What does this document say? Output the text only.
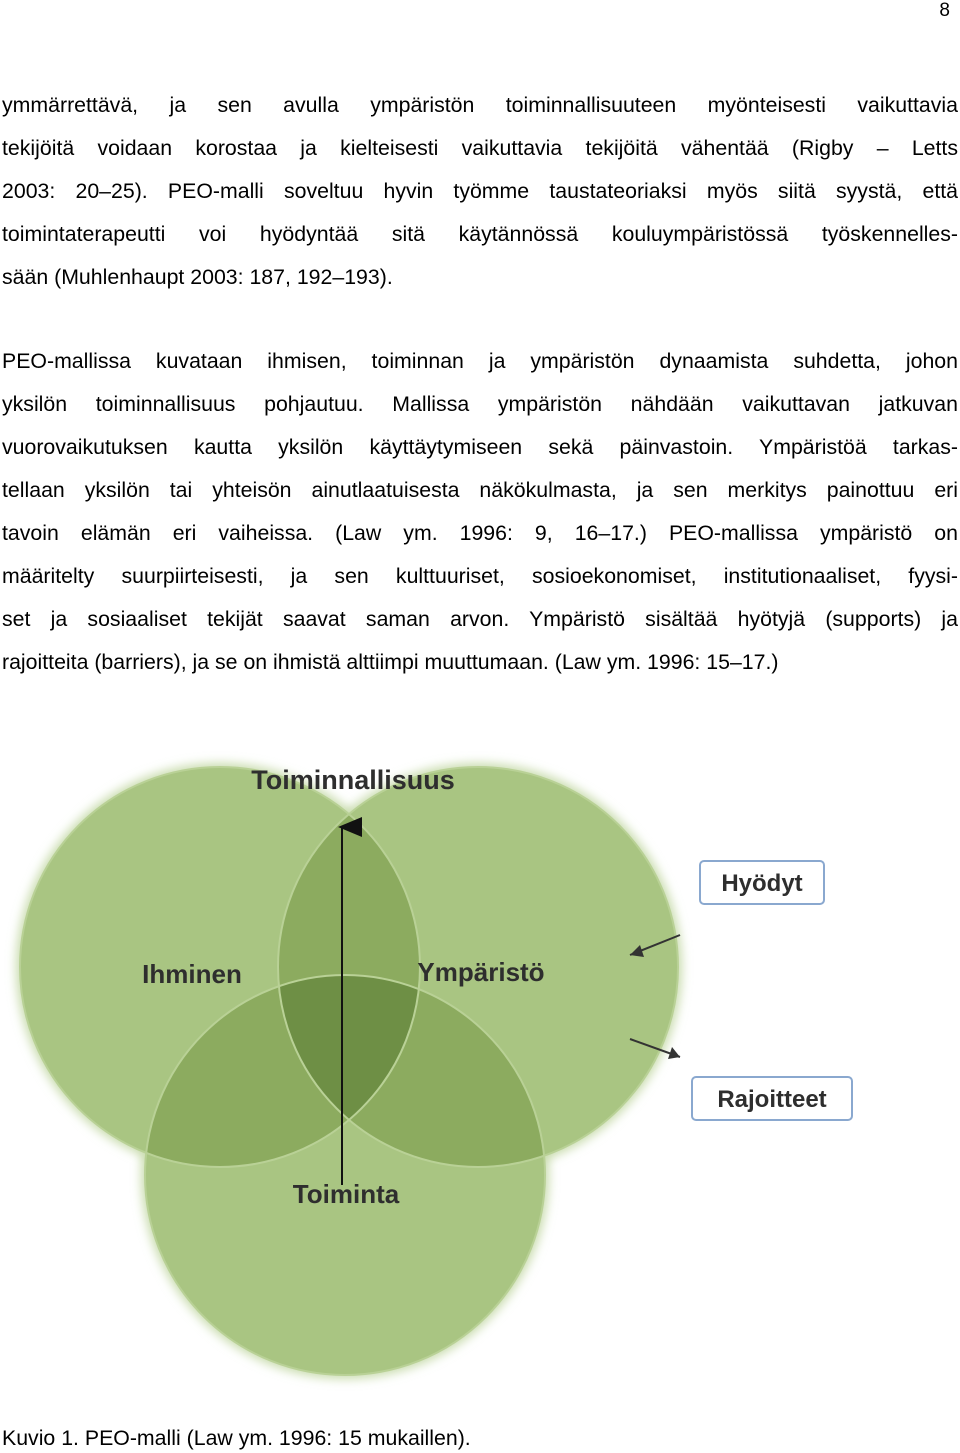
8
ymmärrettävä, ja sen avulla ympäristön toiminnallisuuteen myönteisesti vaikuttavia
tekijöitä voidaan korostaa ja kielteisesti vaikuttavia tekijöitä vähentää (Rigby – Letts
2003: 20–25). PEO-malli soveltuu hyvin työmme taustateoriaksi myös siitä syystä, että
toimintaterapeutti voi hyödyntää sitä käytännössä kouluympäristössä työskennelles-
sään (Muhlenhaupt 2003: 187, 192–193).
PEO-mallissa kuvataan ihmisen, toiminnan ja ympäristön dynaamista suhdetta, johon
yksilön toiminnallisuus pohjautuu. Mallissa ympäristön nähdään vaikuttavan jatkuvan
vuorovaikutuksen kautta yksilön käyttäytymiseen sekä päinvastoin. Ympäristöä tarkas-
tellaan yksilön tai yhteisön ainutlaatuisesta näkökulmasta, ja sen merkitys painottuu eri
tavoin elämän eri vaiheissa. (Law ym. 1996: 9, 16–17.) PEO-mallissa ympäristö on
määritelty suurpiirteisesti, ja sen kulttuuriset, sosioekonomiset, institutionaaliset, fyysi-
set ja sosiaaliset tekijät saavat saman arvon. Ympäristö sisältää hyötyjä (supports) ja
rajoitteita (barriers), ja se on ihmistä alttiimpi muuttumaan. (Law ym. 1996: 15–17.)
Toiminnallisuus
Ihminen	Ympäristö
Toiminta
Hyödyt
Rajoitteet
Kuvio 1. PEO-malli (Law ym. 1996: 15 mukaillen).
